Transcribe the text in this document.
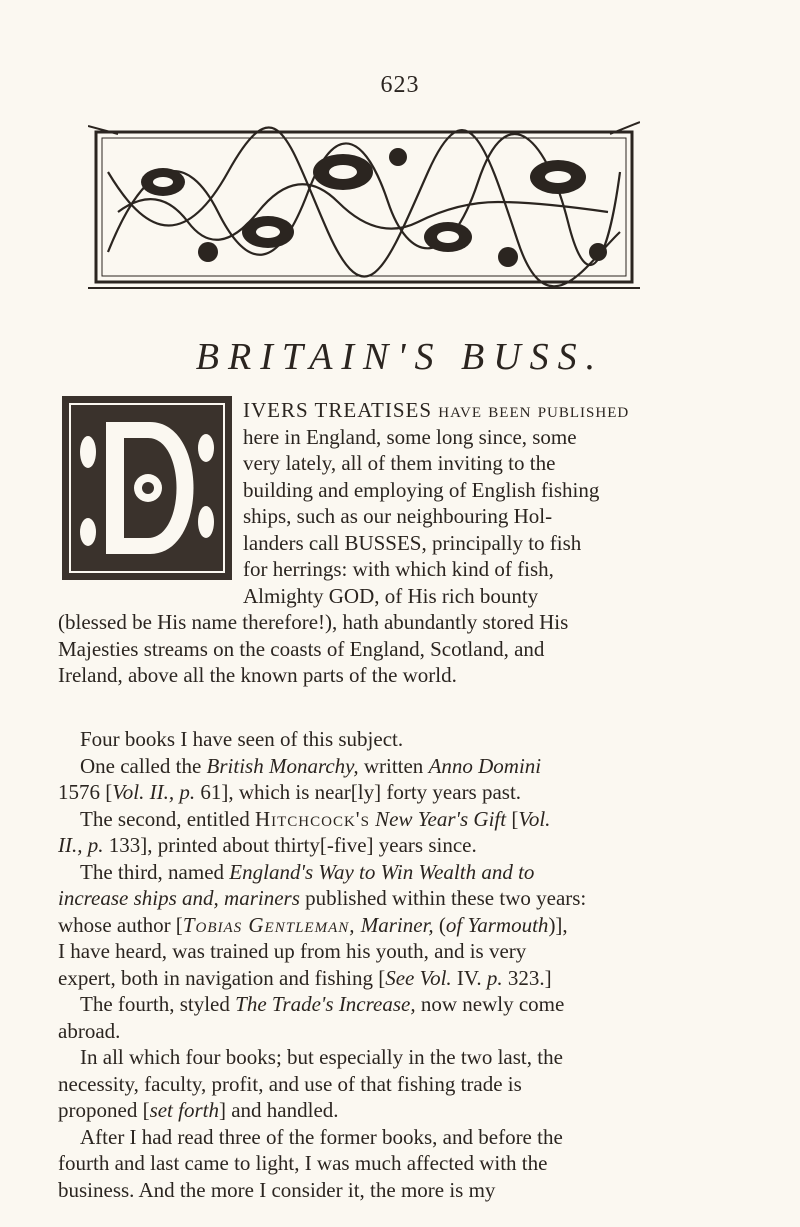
623
BRITAIN'S BUSS.
IVERS TREATISES have been published
here in England, some long since, some
very lately, all of them inviting to the
building and employing of English fishing
ships, such as our neighbouring Hol-
landers call BUSSES, principally to fish
for herrings: with which kind of fish,
Almighty GOD, of His rich bounty
(blessed be His name therefore!), hath abundantly stored His
Majesties streams on the coasts of England, Scotland, and
Ireland, above all the known parts of the world.
Four books I have seen of this subject.
One called the British Monarchy, written Anno Domini
1576 [Vol. II., p. 61], which is near[ly] forty years past.
The second, entitled Hitchcock's New Year's Gift [Vol.
II., p. 133], printed about thirty[-five] years since.
The third, named England's Way to Win Wealth and to
increase ships and, mariners published within these two years:
whose author [Tobias Gentleman, Mariner, (of Yarmouth)],
I have heard, was trained up from his youth, and is very
expert, both in navigation and fishing [See Vol. IV. p. 323.]
The fourth, styled The Trade's Increase, now newly come
abroad.
In all which four books; but especially in the two last, the
necessity, faculty, profit, and use of that fishing trade is
proponed [set forth] and handled.
After I had read three of the former books, and before the
fourth and last came to light, I was much affected with the
business. And the more I consider it, the more is my
